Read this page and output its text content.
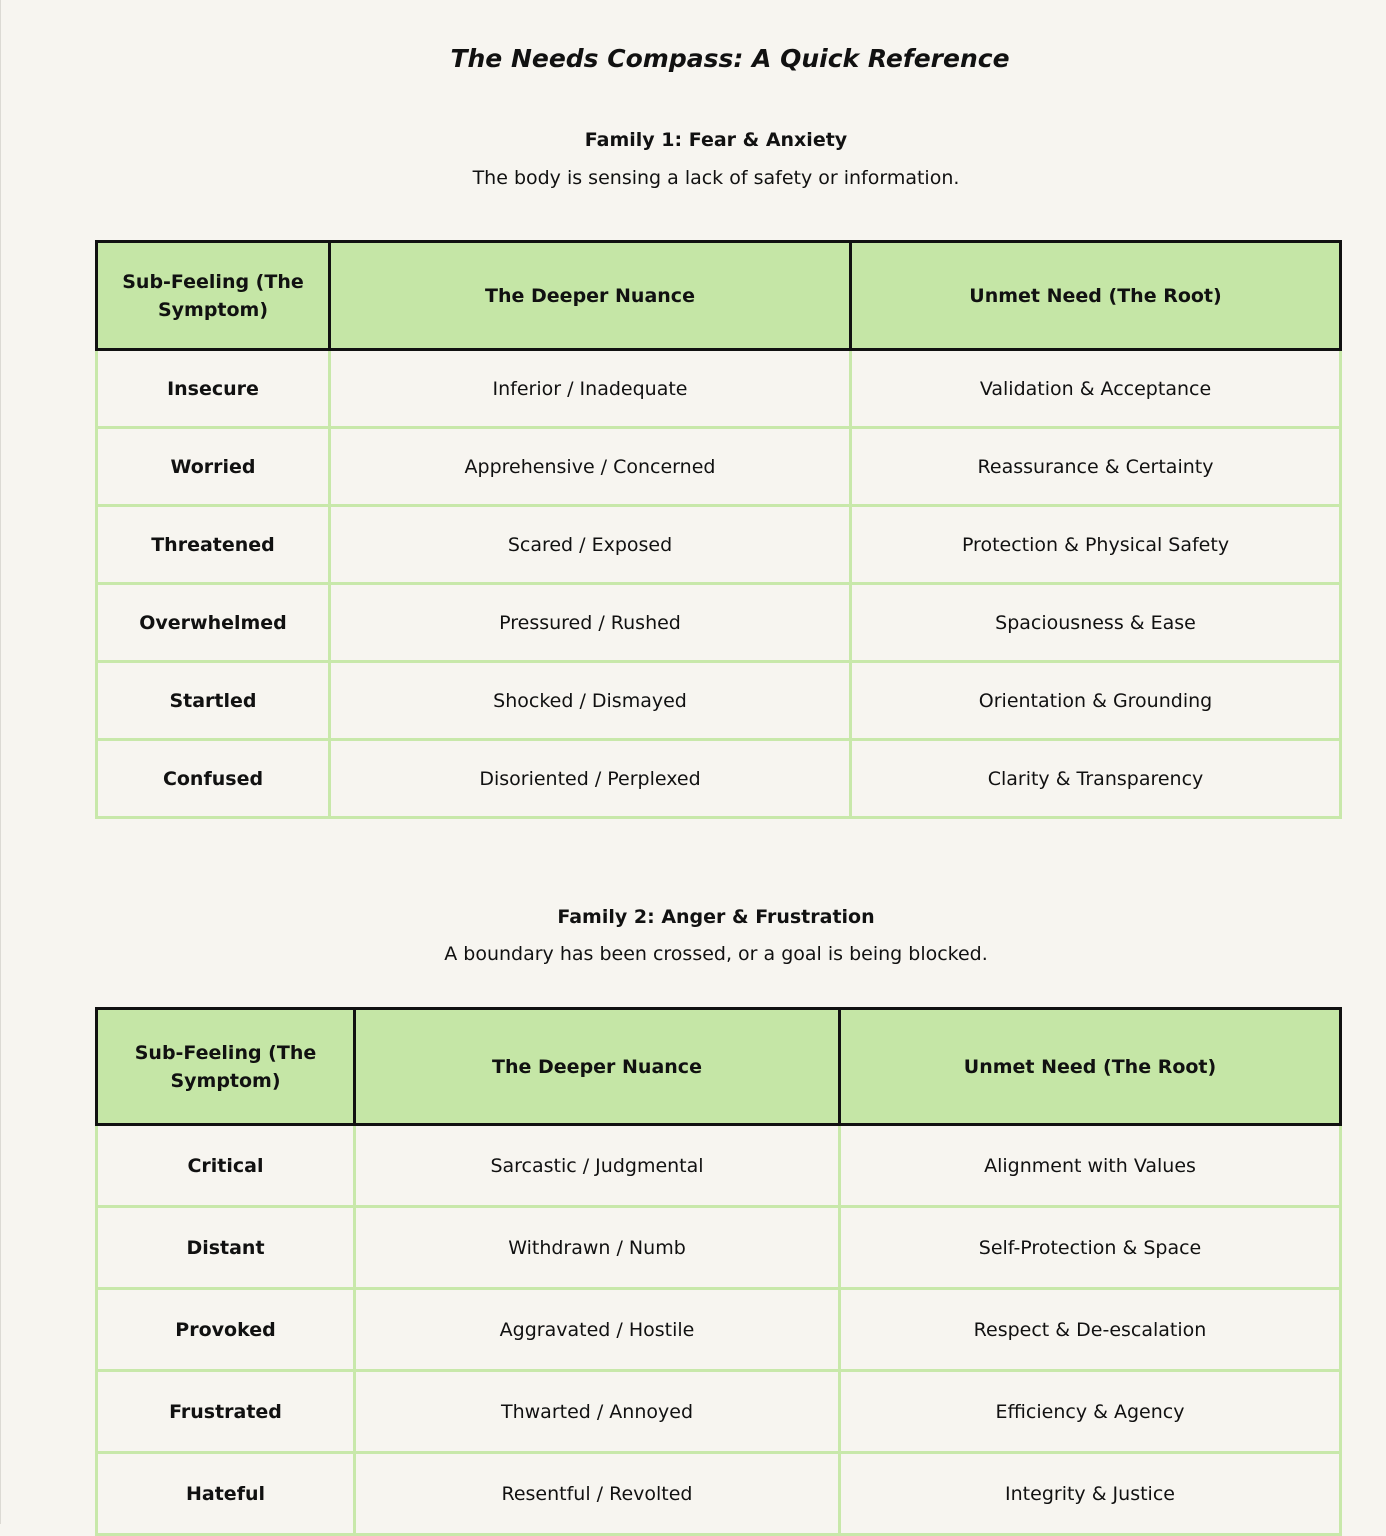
The Needs Compass: A Quick Reference
Family 1: Fear & Anxiety

The body is sensing a lack of safety or information.

Sub-Feeling (The Symptom)	The Deeper Nuance	Unmet Need (The Root)
Insecure	Inferior / Inadequate	Validation & Acceptance
Worried	Apprehensive / Concerned	Reassurance & Certainty
Threatened	Scared / Exposed	Protection & Physical Safety
Overwhelmed	Pressured / Rushed	Spaciousness & Ease
Startled	Shocked / Dismayed	Orientation & Grounding
Confused	Disoriented / Perplexed	Clarity & Transparency
Family 2: Anger & Frustration

A boundary has been crossed, or a goal is being blocked.

Sub-Feeling (The Symptom)	The Deeper Nuance	Unmet Need (The Root)
Critical	Sarcastic / Judgmental	Alignment with Values
Distant	Withdrawn / Numb	Self-Protection & Space
Provoked	Aggravated / Hostile	Respect & De-escalation
Frustrated	Thwarted / Annoyed	Efficiency & Agency
Hateful	Resentful / Revolted	Integrity & Justice
